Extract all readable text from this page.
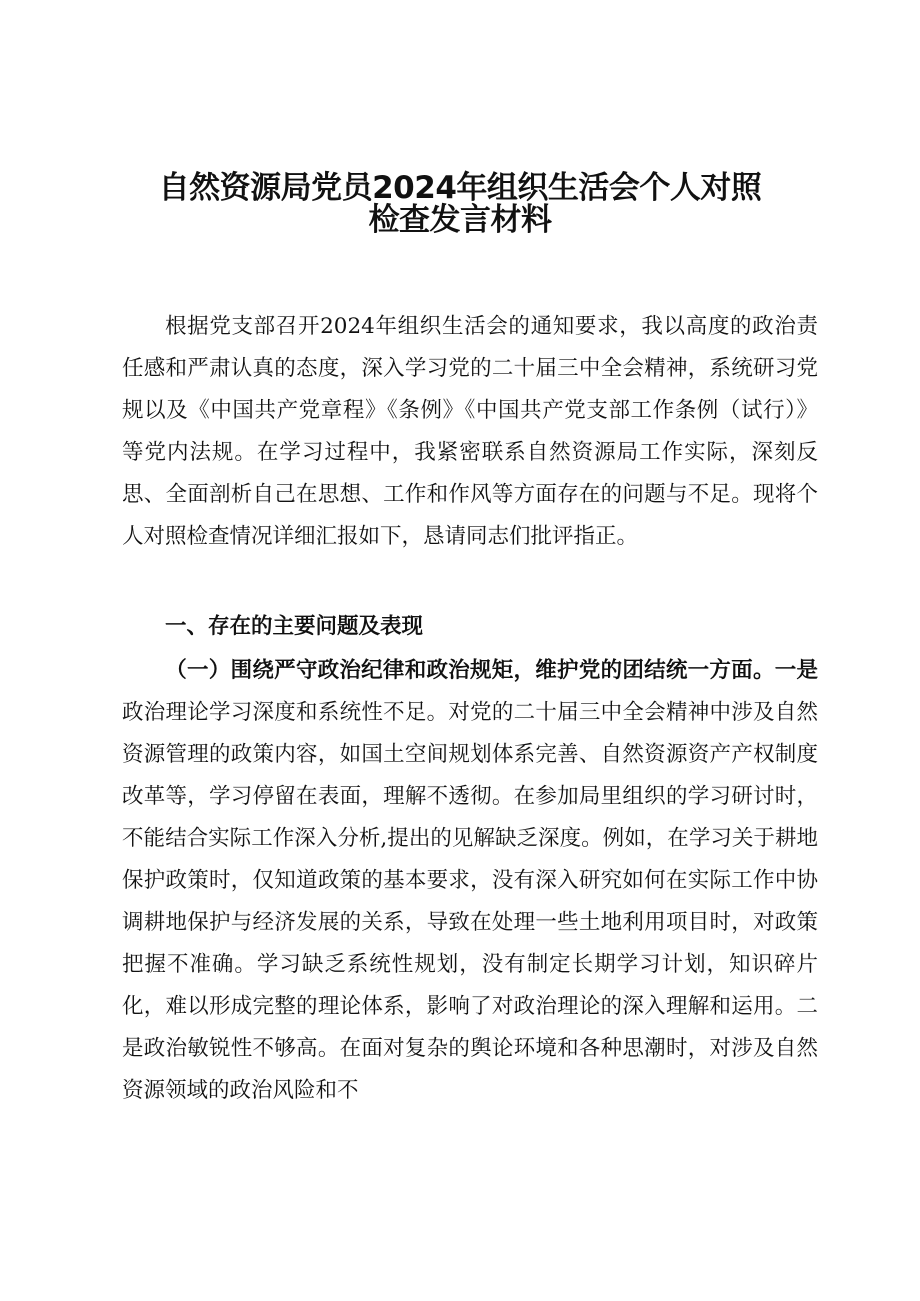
自然资源局党员2024年组织生活会个人对照
检查发言材料
根据党支部召开2024年组织生活会的通知要求，我以高度的政治责任感和严肃认真的态度，深入学习党的二十届三中全会精神，系统研习党规以及《中国共产党章程》《条例》《中国共产党支部工作条例（试行）》等党内法规。在学习过程中，我紧密联系自然资源局工作实际，深刻反思、全面剖析自己在思想、工作和作风等方面存在的问题与不足。现将个人对照检查情况详细汇报如下，恳请同志们批评指正。
一、存在的主要问题及表现
（一）围绕严守政治纪律和政治规矩，维护党的团结统一方面。一是政治理论学习深度和系统性不足。对党的二十届三中全会精神中涉及自然资源管理的政策内容，如国土空间规划体系完善、自然资源资产产权制度改革等，学习停留在表面，理解不透彻。在参加局里组织的学习研讨时，不能结合实际工作深入分析,提出的见解缺乏深度。例如，在学习关于耕地保护政策时，仅知道政策的基本要求，没有深入研究如何在实际工作中协调耕地保护与经济发展的关系，导致在处理一些土地利用项目时，对政策把握不准确。学习缺乏系统性规划，没有制定长期学习计划，知识碎片化，难以形成完整的理论体系，影响了对政治理论的深入理解和运用。二是政治敏锐性不够高。在面对复杂的舆论环境和各种思潮时，对涉及自然资源领域的政治风险和不
